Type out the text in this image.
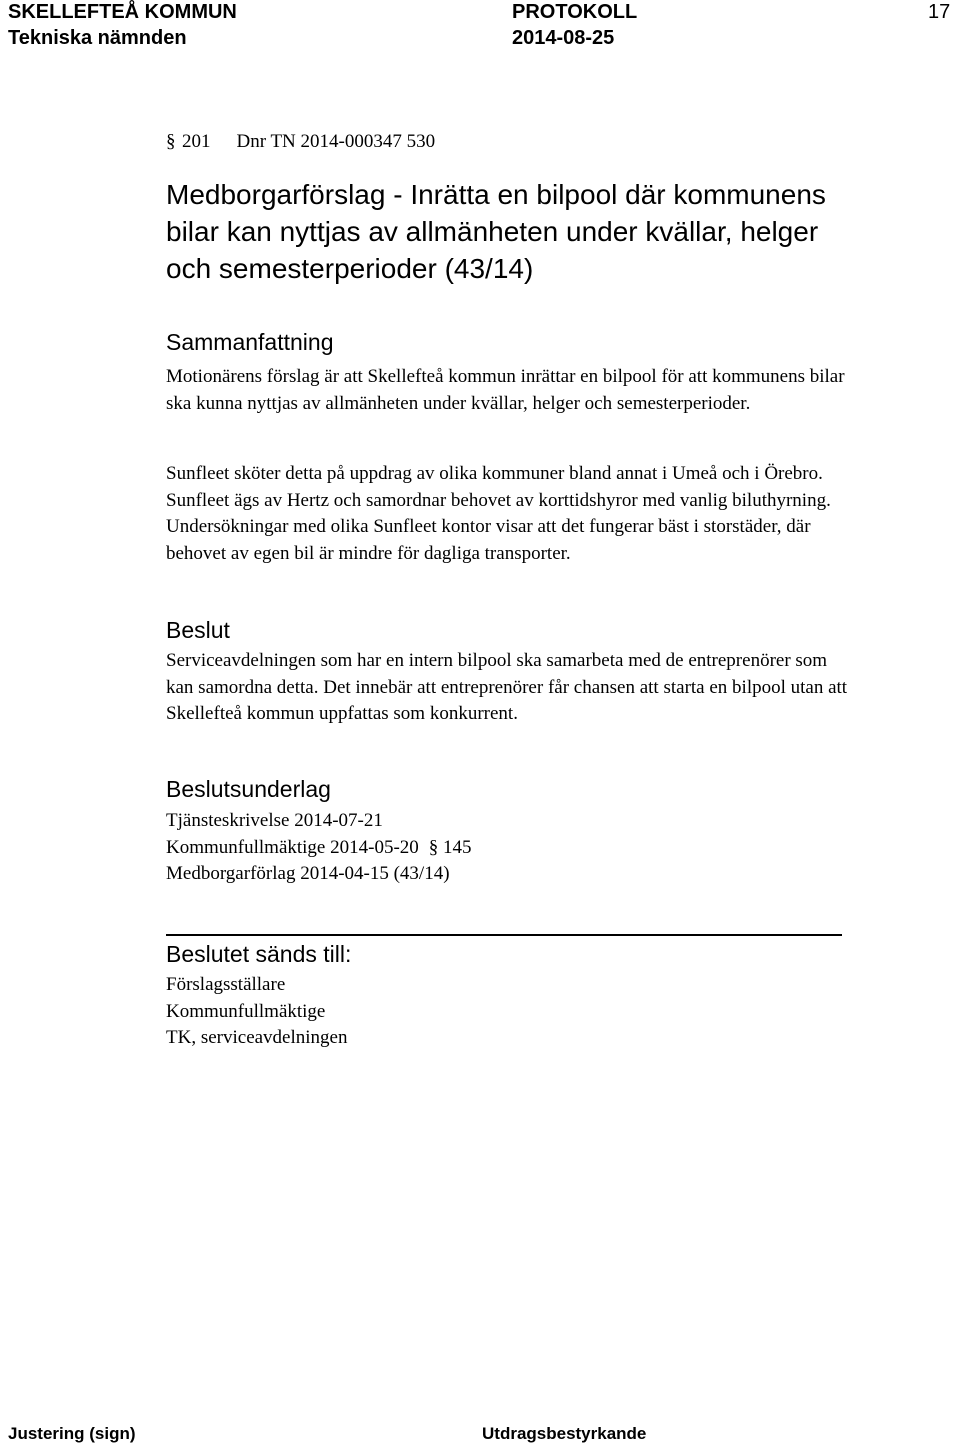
SKELLEFTEÅ KOMMUN	PROTOKOLL	17
Tekniska nämnden	2014-08-25
§ 201 Dnr TN 2014-000347 530
Medborgarförslag - Inrätta en bilpool där kommunens bilar kan nyttjas av allmänheten under kvällar, helger och semesterperioder (43/14)
Sammanfattning

Motionärens förslag är att Skellefteå kommun inrättar en bilpool för att kommunens bilar ska kunna nyttjas av allmänheten under kvällar, helger och semesterperioder.

Sunfleet sköter detta på uppdrag av olika kommuner bland annat i Umeå och i Örebro. Sunfleet ägs av Hertz och samordnar behovet av korttidshyror med vanlig biluthyrning. Undersökningar med olika Sunfleet kontor visar att det fungerar bäst i storstäder, där behovet av egen bil är mindre för dagliga transporter.

Beslut

Serviceavdelningen som har en intern bilpool ska samarbeta med de entreprenörer som kan samordna detta. Det innebär att entreprenörer får chansen att starta en bilpool utan att Skellefteå kommun uppfattas som konkurrent.

Beslutsunderlag
Tjänsteskrivelse 2014-07-21
Kommunfullmäktige 2014-05-20 § 145
Medborgarförlag 2014-04-15 (43/14)
Beslutet sänds till:
Förslagsställare
Kommunfullmäktige
TK, serviceavdelningen
Justering (sign)	Utdragsbestyrkande
